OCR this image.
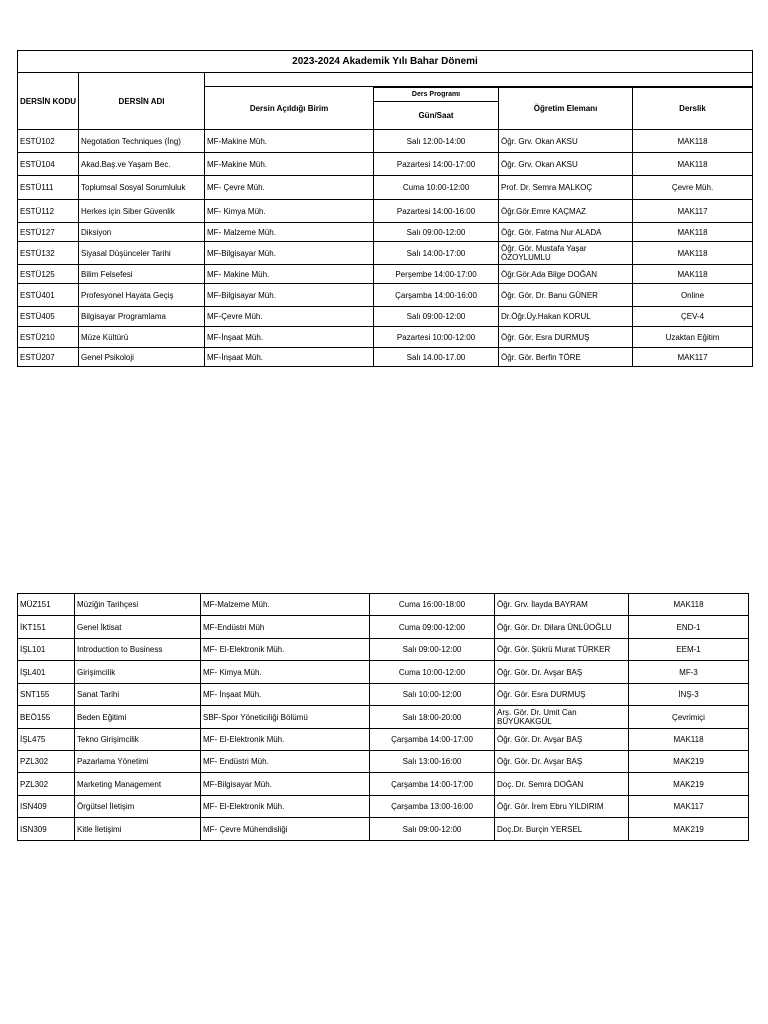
2023-2024 Akademik Yılı Bahar Dönemi					
DERSİN KODU	DERSİN ADI				
		Dersin Açıldığı Birim			
			Ders Programı	Öğretim Elemanı	Derslik
			Gün/Saat		
ESTÜ102	Negotation Techniques (İng)	MF-Makine Müh.	Salı 12:00-14:00	Öğr. Grv. Okan AKSU	MAK118
ESTÜ104	Akad.Baş.ve Yaşam Bec.	MF-Makine Müh.	Pazartesi 14:00-17:00	Öğr. Grv. Okan AKSU	MAK118
ESTÜ111	Toplumsal Sosyal Sorumluluk	MF- Çevre Müh.	Cuma 10:00-12:00	Prof. Dr. Semra MALKOÇ	Çevre Müh.
ESTÜ112	Herkes için Siber Güvenlik	MF- Kimya Müh.	Pazartesi 14:00-16:00	Öğr.Gör.Emre KAÇMAZ	MAK117
ESTÜ127	Diksiyon	MF- Malzeme Müh.	Salı 09:00-12:00	Öğr. Gör. Fatma Nur ALADA	MAK118
ESTÜ132	Siyasal Düşünceler Tarihi	MF-Bilgisayar Müh.	Salı 14:00-17:00	Öğr. Gör. Mustafa Yaşar ÖZOYLUMLU	MAK118
ESTÜ125	Bilim Felsefesi	MF- Makine Müh.	Perşembe 14:00-17:00	Öğr.Gör.Ada Bilge DOĞAN	MAK118
ESTÜ401	Profesyonel Hayata Geçiş	MF-Bilgisayar Müh.	Çarşamba 14:00-16:00	Öğr. Gör. Dr. Banu GÜNER	Online
ESTÜ405	Bilgisayar Programlama	MF-Çevre Müh.	Salı 09:00-12:00	Dr.Öğr.Üy.Hakan KORUL	ÇEV-4
ESTÜ210	Müze Kültürü	MF-İnşaat Müh.	Pazartesi 10:00-12:00	Öğr. Gör. Esra DURMUŞ	Uzaktan Eğitim
ESTÜ207	Genel Psikoloji	MF-İnşaat Müh.	Salı 14.00-17.00	Öğr. Gör. Berfin TÖRE	MAK117
MÜZ151	Müziğin Tarihçesi	MF-Malzeme Müh.	Cuma 16:00-18:00	Öğr. Grv. İlayda BAYRAM	MAK118
İKT151	Genel İktisat	MF-Endüstri Müh	Cuma 09:00-12:00	Öğr. Gör. Dr. Dilara ÜNLÜOĞLU	END-1
İŞL101	Introduction to Business	MF- El-Elektronik Müh.	Salı 09:00-12:00	Öğr. Gör. Şükrü Murat TÜRKER	EEM-1
İŞL401	Girişimcilik	MF- Kimya Müh.	Cuma 10:00-12:00	Öğr. Gör. Dr. Avşar BAŞ	MF-3
SNT155	Sanat Tarihi	MF- İnşaat Müh.	Salı 10:00-12:00	Öğr. Gör. Esra DURMUŞ	İNŞ-3
BEÖ155	Beden Eğitimi	SBF-Spor Yöneticiliği Bölümü	Salı 18:00-20:00	Arş. Gör. Dr. Umit Can BÜYÜKAKGÜL	Çevrimiçi
İŞL475	Tekno Girişimcilik	MF- El-Elektronik Müh.	Çarşamba 14:00-17:00	Öğr. Gör. Dr. Avşar BAŞ	MAK118
PZL302	Pazarlama Yönetimi	MF- Endüstri Müh.	Salı 13:00-16:00	Öğr. Gör. Dr. Avşar BAŞ	MAK219
PZL302	Marketing Management	MF-Bilgisayar Müh.	Çarşamba 14:00-17:00	Doç. Dr. Semra DOĞAN	MAK219
ISN409	Örgütsel İletişim	MF- El-Elektronik Müh.	Çarşamba 13:00-16:00	Öğr. Gör. İrem Ebru YILDIRIM	MAK117
ISN309	Kitle İletişimi	MF- Çevre Mühendisliği	Salı 09:00-12:00	Doç.Dr. Burçin YERSEL	MAK219
